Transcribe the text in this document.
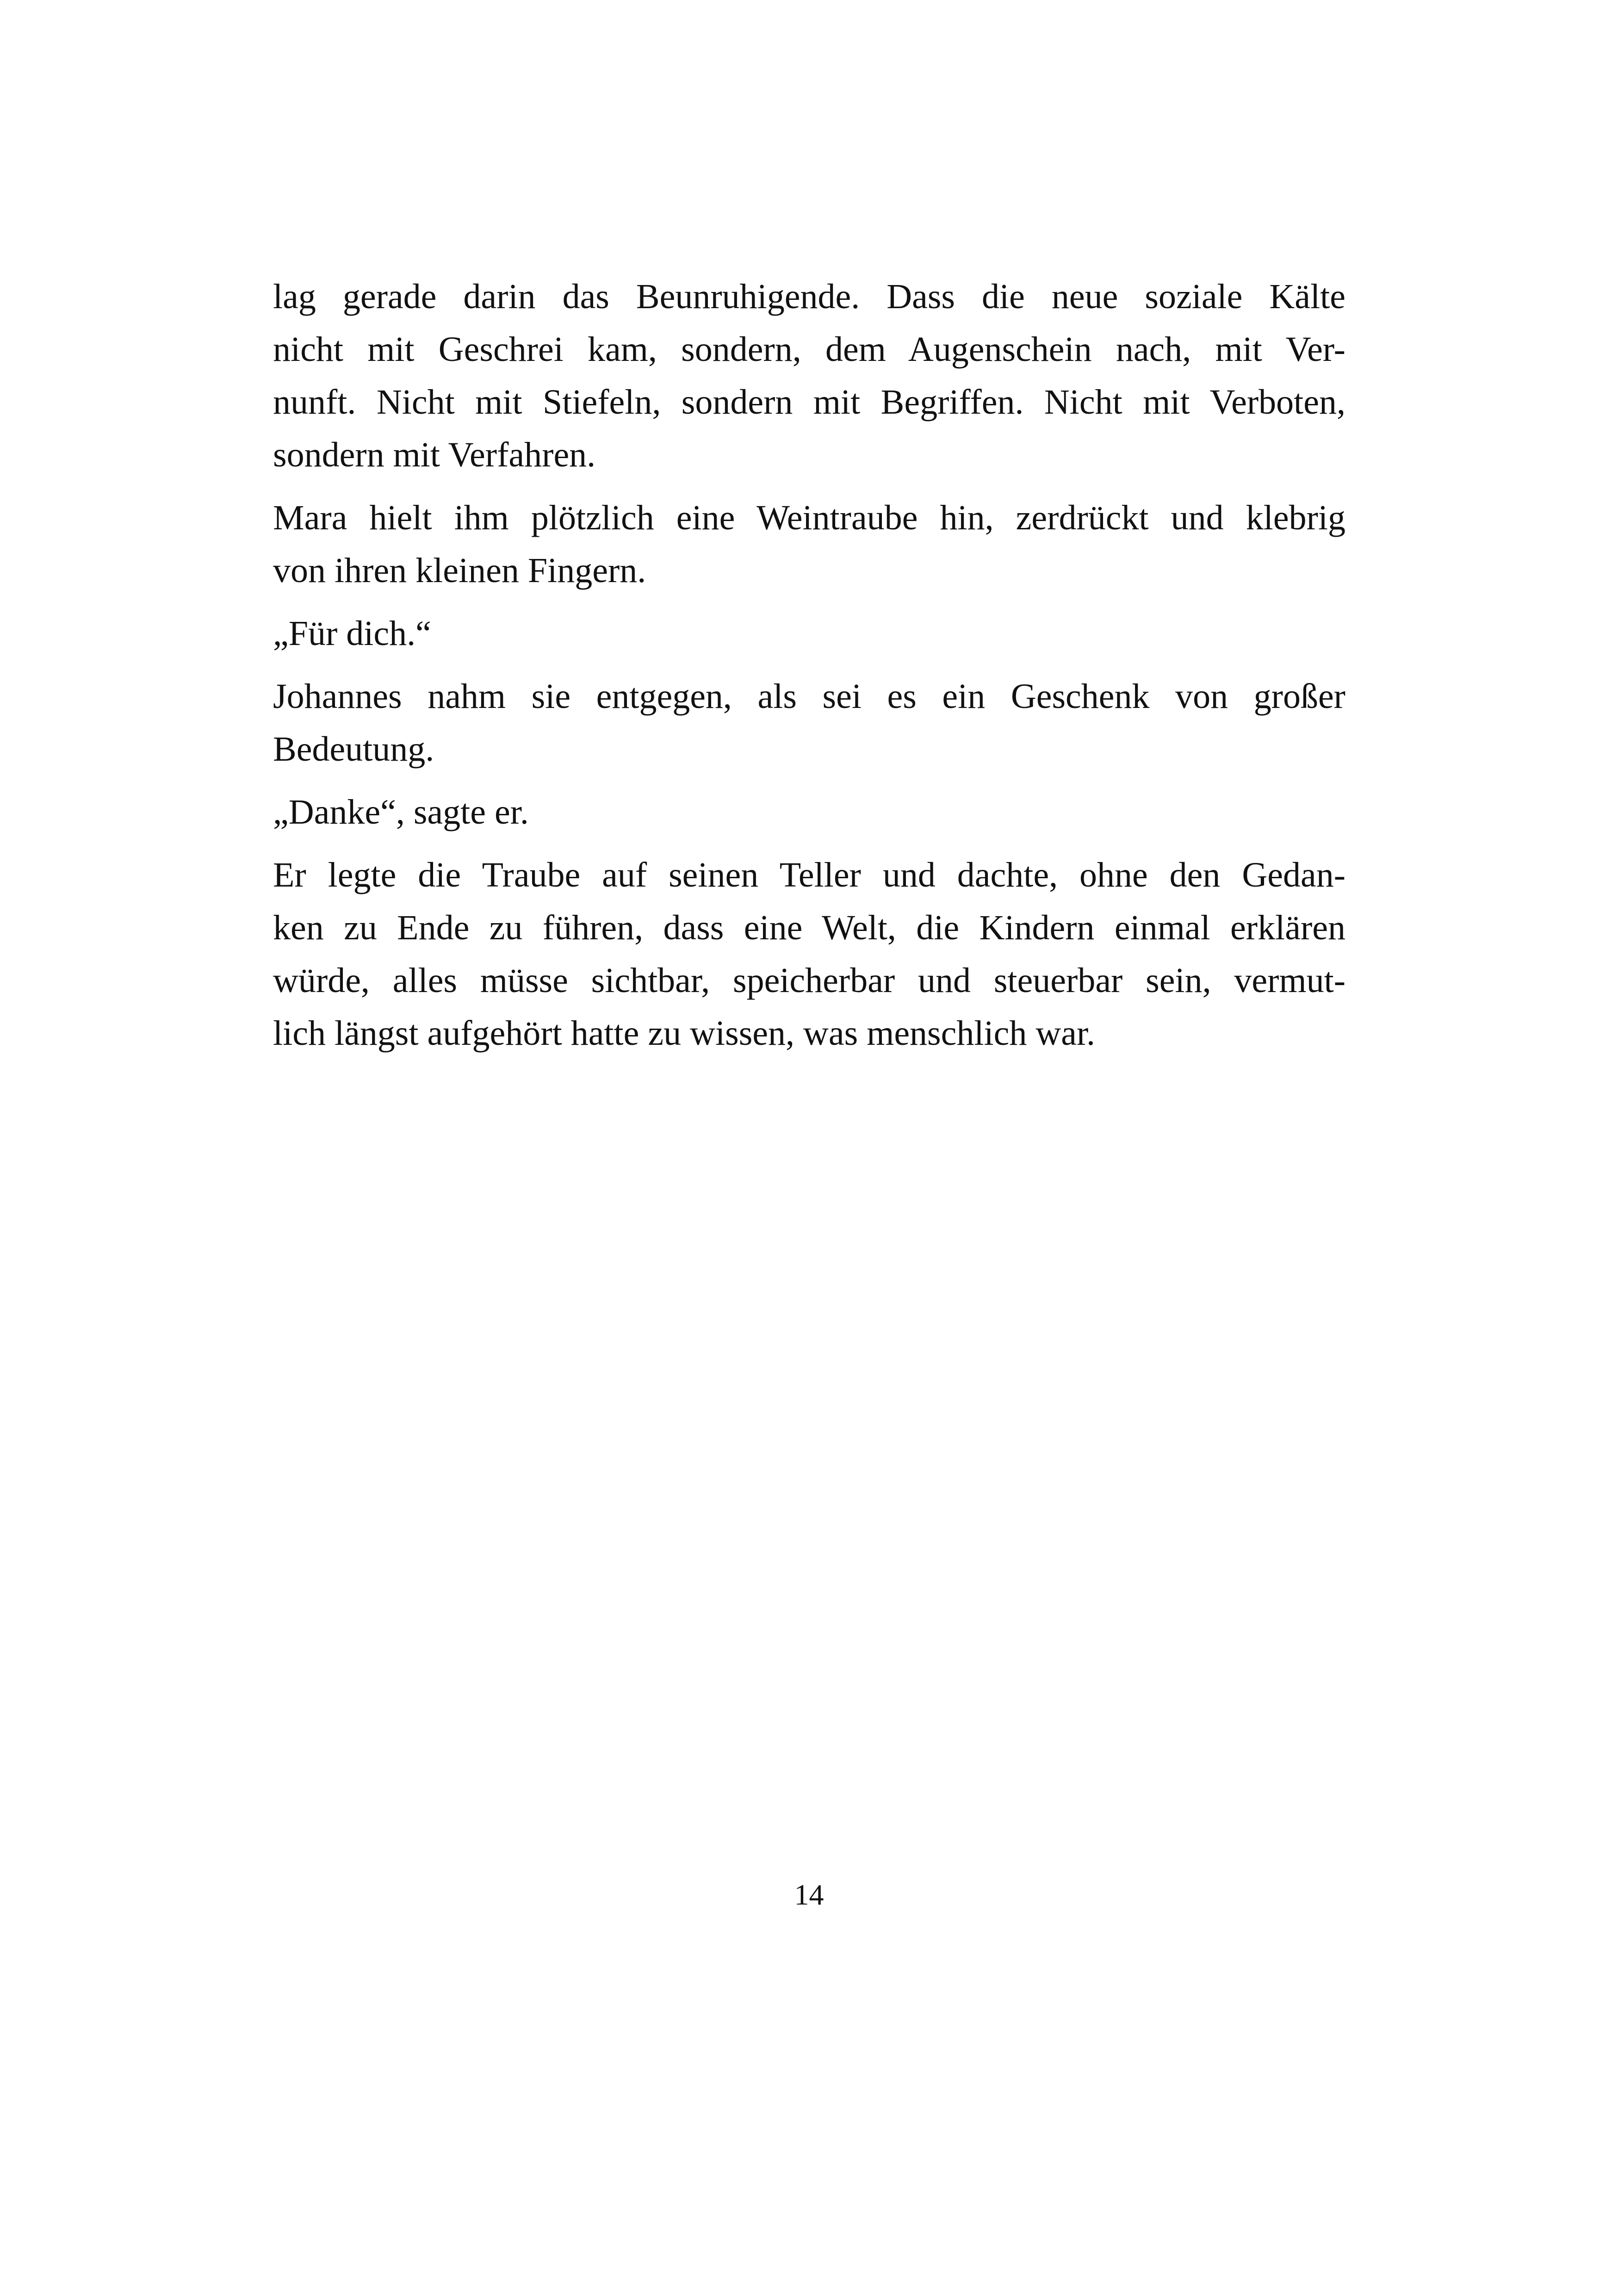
lag gerade darin das Beunruhigende. Dass die neue soziale Kälte
nicht mit Geschrei kam, sondern, dem Augenschein nach, mit Ver-
nunft. Nicht mit Stiefeln, sondern mit Begriffen. Nicht mit Verboten,
sondern mit Verfahren.

Mara hielt ihm plötzlich eine Weintraube hin, zerdrückt und klebrig
von ihren kleinen Fingern.

„Für dich.“

Johannes nahm sie entgegen, als sei es ein Geschenk von großer
Bedeutung.

„Danke“, sagte er.

Er legte die Traube auf seinen Teller und dachte, ohne den Gedan-
ken zu Ende zu führen, dass eine Welt, die Kindern einmal erklären
würde, alles müsse sichtbar, speicherbar und steuerbar sein, vermut-
lich längst aufgehört hatte zu wissen, was menschlich war.

14
